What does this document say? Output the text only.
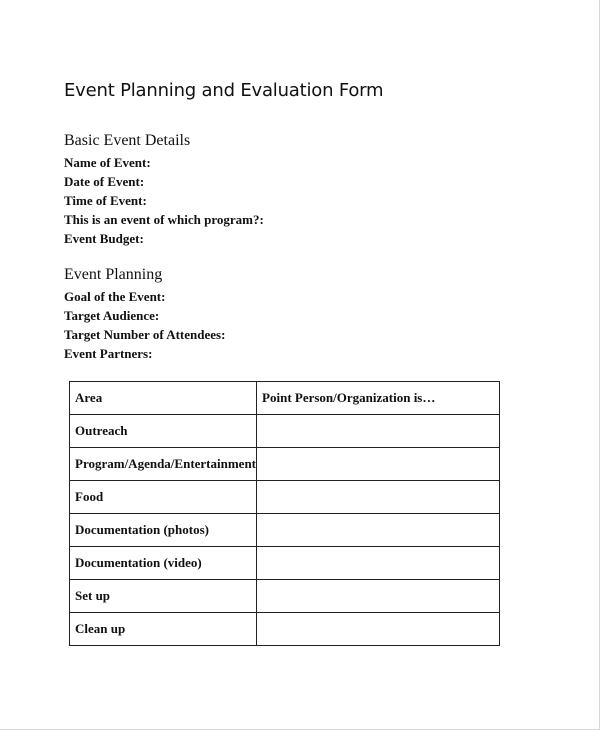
Event Planning and Evaluation Form
Basic Event Details
Name of Event:
Date of Event:
Time of Event:
This is an event of which program?:
Event Budget:
Event Planning
Goal of the Event:
Target Audience:
Target Number of Attendees:
Event Partners:
Area	Point Person/Organization is…
Outreach	
Program/Agenda/Entertainment	
Food	
Documentation (photos)	
Documentation (video)	
Set up	
Clean up	
